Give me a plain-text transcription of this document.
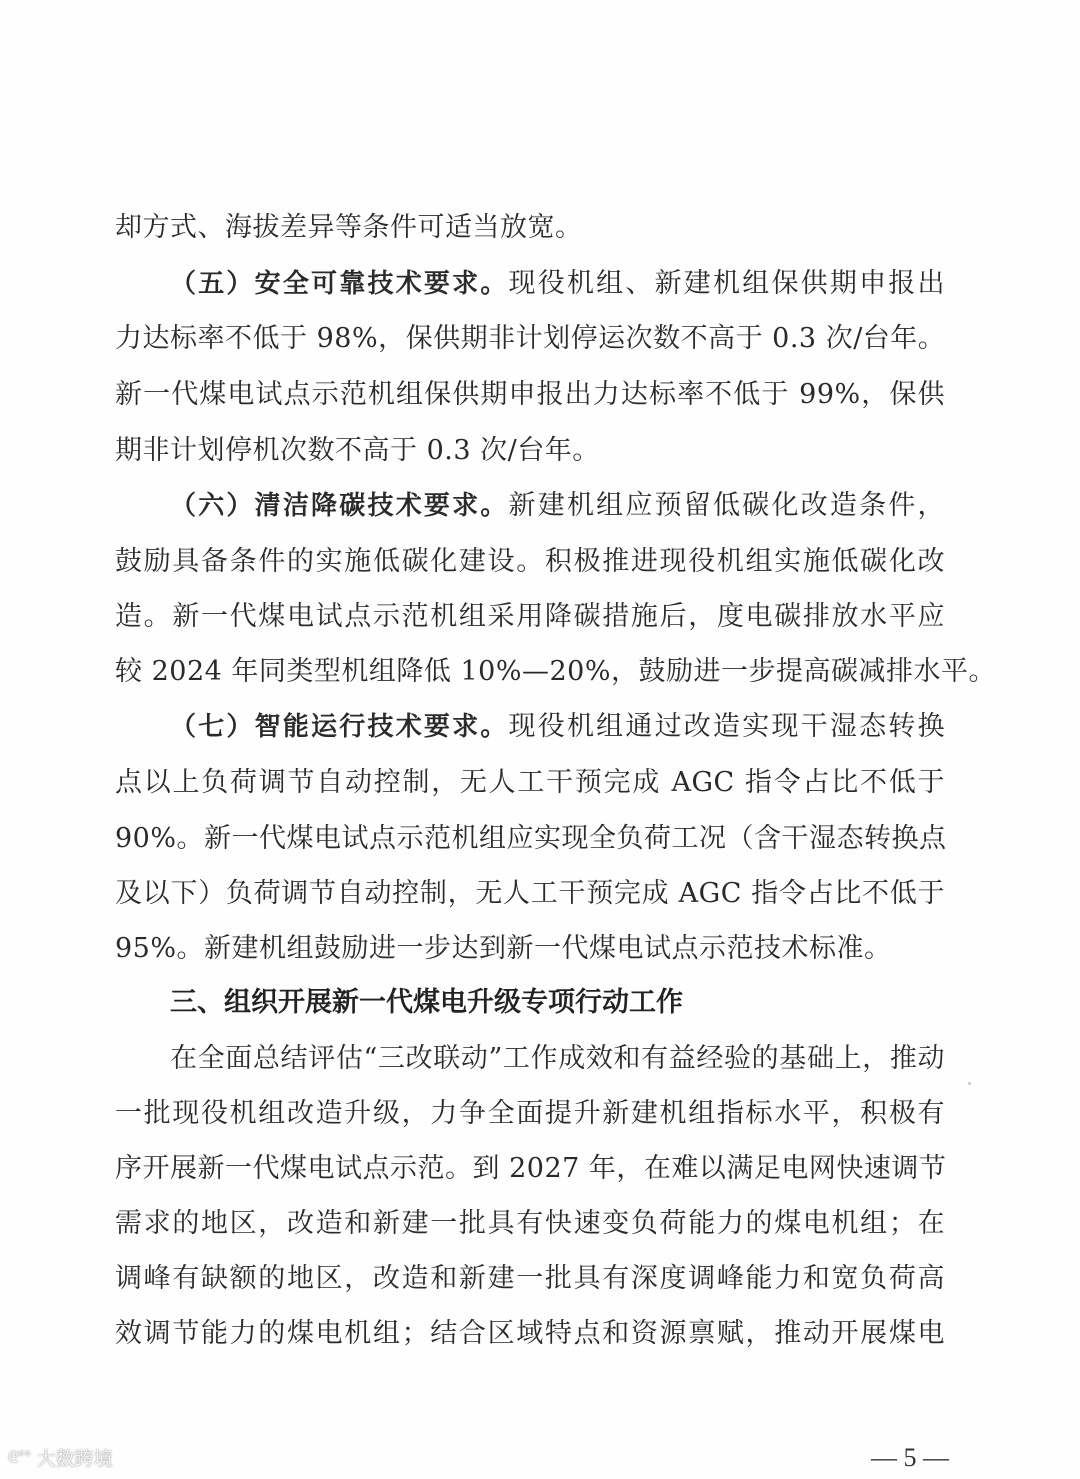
却方式、海拔差异等条件可适当放宽。
（五）安全可靠技术要求。现役机组、新建机组保供期申报出
力达标率不低于 98%，保供期非计划停运次数不高于 0.3 次/台年。
新一代煤电试点示范机组保供期申报出力达标率不低于 99%，保供
期非计划停机次数不高于 0.3 次/台年。
（六）清洁降碳技术要求。新建机组应预留低碳化改造条件，
鼓励具备条件的实施低碳化建设。积极推进现役机组实施低碳化改
造。新一代煤电试点示范机组采用降碳措施后，度电碳排放水平应
较 2024 年同类型机组降低 10%—20%，鼓励进一步提高碳减排水平。
（七）智能运行技术要求。现役机组通过改造实现干湿态转换
点以上负荷调节自动控制，无人工干预完成 AGC 指令占比不低于
90%。新一代煤电试点示范机组应实现全负荷工况（含干湿态转换点
及以下）负荷调节自动控制，无人工干预完成 AGC 指令占比不低于
95%。新建机组鼓励进一步达到新一代煤电试点示范技术标准。
三、组织开展新一代煤电升级专项行动工作
在全面总结评估“三改联动”工作成效和有益经验的基础上，推动
一批现役机组改造升级，力争全面提升新建机组指标水平，积极有
序开展新一代煤电试点示范。到 2027 年，在难以满足电网快速调节
需求的地区，改造和新建一批具有快速变负荷能力的煤电机组；在
调峰有缺额的地区，改造和新建一批具有深度调峰能力和宽负荷高
效调节能力的煤电机组；结合区域特点和资源禀赋，推动开展煤电
— 5 —
ᘓ°° 大数跨境
